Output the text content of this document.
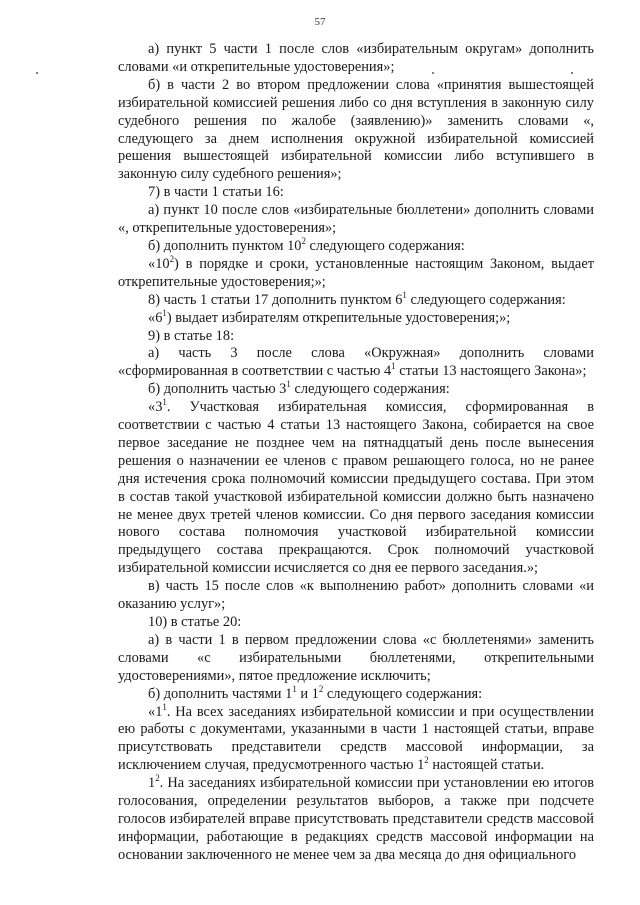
57

а) пункт 5 части 1 после слов «избирательным округам» дополнить словами «и открепительные удостоверения»;

б) в части 2 во втором предложении слова «принятия вышестоящей избирательной комиссией решения либо со дня вступления в законную силу судебного решения по жалобе (заявлению)» заменить словами «, следующего за днем исполнения окружной избирательной комиссией решения вышестоящей избирательной комиссии либо вступившего в законную силу судебного решения»;

7) в части 1 статьи 16:

а) пункт 10 после слов «избирательные бюллетени» дополнить словами «, открепительные удостоверения»;

б) дополнить пунктом $10^2$ следующего содержания:

«$10^2$) в порядке и сроки, установленные настоящим Законом, выдает открепительные удостоверения;»;

8) часть 1 статьи 17 дополнить пунктом $6^1$ следующего содержания:

«$6^1$) выдает избирателям открепительные удостоверения;»;

9) в статье 18:

а) часть 3 после слова «Окружная» дополнить словами «сформированная в соответствии с частью $4^1$ статьи 13 настоящего Закона»;

б) дополнить частью $3^1$ следующего содержания:

«$3^1$. Участковая избирательная комиссия, сформированная в соответствии с частью 4 статьи 13 настоящего Закона, собирается на свое первое заседание не позднее чем на пятнадцатый день после вынесения решения о назначении ее членов с правом решающего голоса, но не ранее дня истечения срока полномочий комиссии предыдущего состава. При этом в состав такой участковой избирательной комиссии должно быть назначено не менее двух третей членов комиссии. Со дня первого заседания комиссии нового состава полномочия участковой избирательной комиссии предыдущего состава прекращаются. Срок полномочий участковой избирательной комиссии исчисляется со дня ее первого заседания.»;

в) часть 15 после слов «к выполнению работ» дополнить словами «и оказанию услуг»;

10) в статье 20:

а) в части 1 в первом предложении слова «с бюллетенями» заменить словами «с избирательными бюллетенями, открепительными удостоверениями», пятое предложение исключить;

б) дополнить частями $1^1$ и $1^2$ следующего содержания:

«$1^1$. На всех заседаниях избирательной комиссии и при осуществлении ею работы с документами, указанными в части 1 настоящей статьи, вправе присутствовать представители средств массовой информации, за исключением случая, предусмотренного частью $1^2$ настоящей статьи.

$1^2$. На заседаниях избирательной комиссии при установлении ею итогов голосования, определении результатов выборов, а также при подсчете голосов избирателей вправе присутствовать представители средств массовой информации, работающие в редакциях средств массовой информации на основании заключенного не менее чем за два месяца до дня официального
